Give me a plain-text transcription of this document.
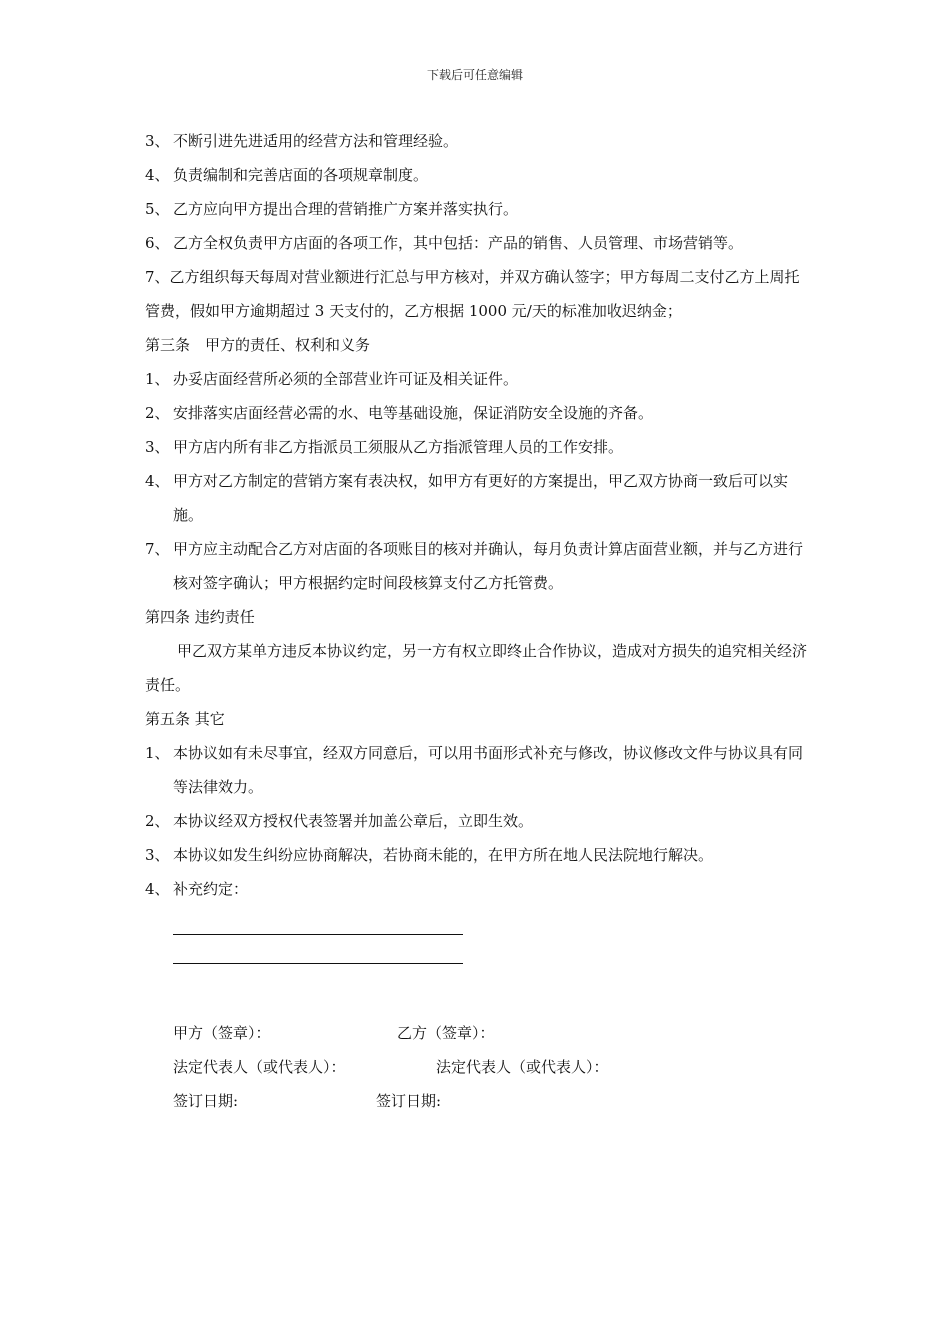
下载后可任意编辑
3、 不断引进先进适用的经营方法和管理经验。
4、 负责编制和完善店面的各项规章制度。
5、 乙方应向甲方提出合理的营销推广方案并落实执行。
6、 乙方全权负责甲方店面的各项工作，其中包括：产品的销售、人员管理、市场营销等。
7、乙方组织每天每周对营业额进行汇总与甲方核对，并双方确认签字；甲方每周二支付乙方上周托管费，假如甲方逾期超过 3 天支付的，乙方根据 1000 元/天的标准加收迟纳金；
第三条　甲方的责任、权利和义务
1、 办妥店面经营所必须的全部营业许可证及相关证件。
2、 安排落实店面经营必需的水、电等基础设施，保证消防安全设施的齐备。
3、 甲方店内所有非乙方指派员工须服从乙方指派管理人员的工作安排。
4、 甲方对乙方制定的营销方案有表决权，如甲方有更好的方案提出，甲乙双方协商一致后可以实施。
7、 甲方应主动配合乙方对店面的各项账目的核对并确认，每月负责计算店面营业额，并与乙方进行核对签字确认；甲方根据约定时间段核算支付乙方托管费。
第四条 违约责任
甲乙双方某单方违反本协议约定，另一方有权立即终止合作协议，造成对方损失的追究相关经济责任。
第五条 其它
1、 本协议如有未尽事宜，经双方同意后，可以用书面形式补充与修改，协议修改文件与协议具有同等法律效力。
2、 本协议经双方授权代表签署并加盖公章后，立即生效。
3、 本协议如发生纠纷应协商解决，若协商未能的，在甲方所在地人民法院地行解决。
4、 补充约定：
甲方（签章）：	乙方（签章）：
法定代表人（或代表人）：	法定代表人（或代表人）：
签订日期:	签订日期:
